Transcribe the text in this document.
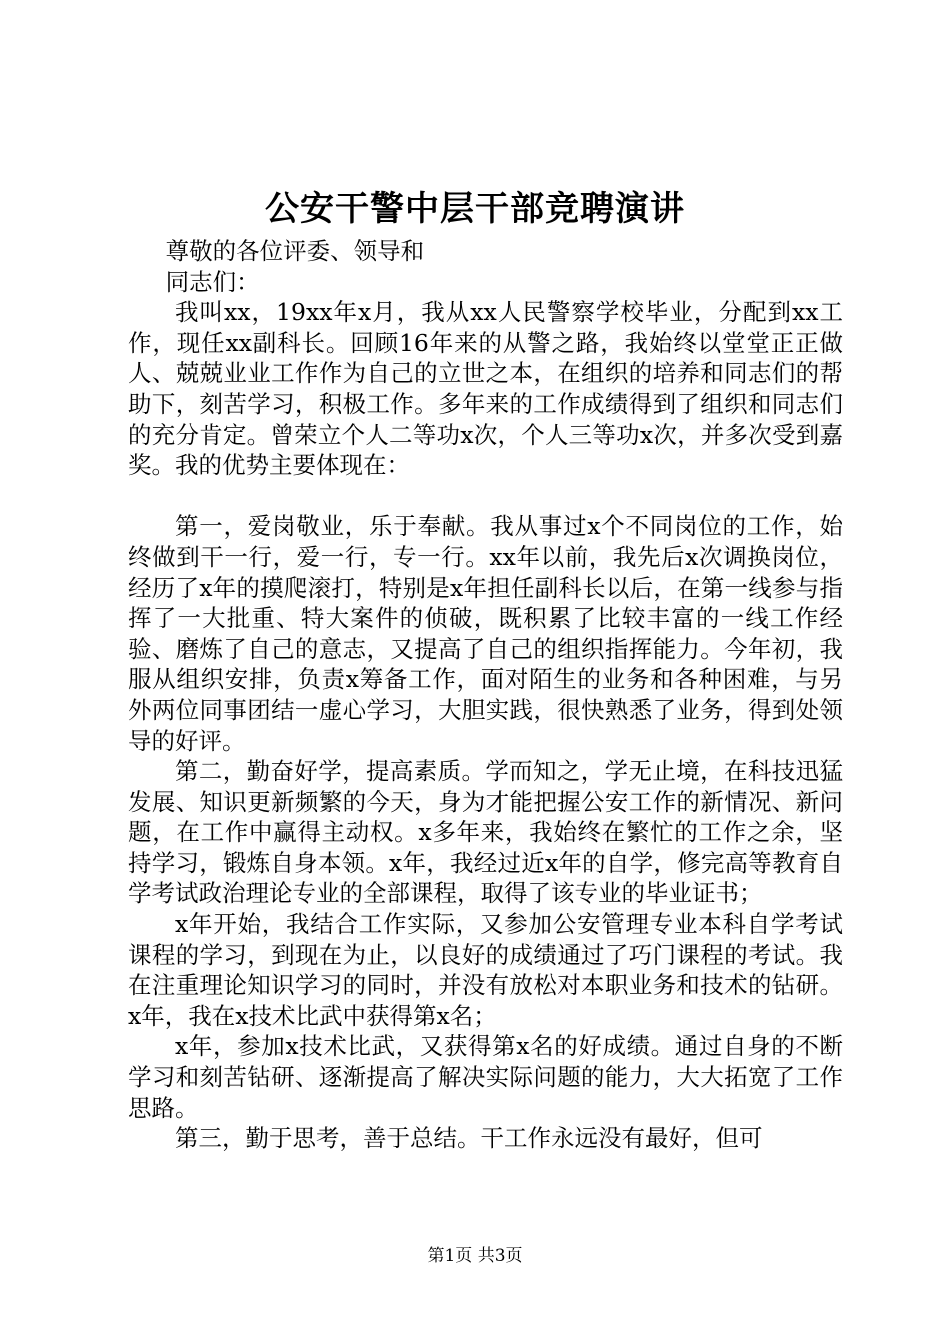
公安干警中层干部竞聘演讲

尊敬的各位评委、领导和

同志们：

我叫xx，19xx年x月，我从xx人民警察学校毕业，分配到xx工作，现任xx副科长。回顾16年来的从警之路，我始终以堂堂正正做人、兢兢业业工作作为自己的立世之本，在组织的培养和同志们的帮助下，刻苦学习，积极工作。多年来的工作成绩得到了组织和同志们的充分肯定。曾荣立个人二等功x次，个人三等功x次，并多次受到嘉奖。我的优势主要体现在：

第一，爱岗敬业，乐于奉献。我从事过x个不同岗位的工作，始终做到干一行，爱一行，专一行。xx年以前，我先后x次调换岗位，经历了x年的摸爬滚打，特别是x年担任副科长以后，在第一线参与指挥了一大批重、特大案件的侦破，既积累了比较丰富的一线工作经验、磨炼了自己的意志，又提高了自己的组织指挥能力。今年初，我服从组织安排，负责x筹备工作，面对陌生的业务和各种困难，与另外两位同事团结一虚心学习，大胆实践，很快熟悉了业务，得到处领导的好评。

第二，勤奋好学，提高素质。学而知之，学无止境，在科技迅猛发展、知识更新频繁的今天，身为才能把握公安工作的新情况、新问题，在工作中赢得主动权。x多年来，我始终在繁忙的工作之余，坚持学习，锻炼自身本领。x年，我经过近x年的自学，修完高等教育自学考试政治理论专业的全部课程，取得了该专业的毕业证书；

x年开始，我结合工作实际，又参加公安管理专业本科自学考试课程的学习，到现在为止，以良好的成绩通过了巧门课程的考试。我在注重理论知识学习的同时，并没有放松对本职业务和技术的钻研。x年，我在x技术比武中获得第x名；

x年，参加x技术比武，又获得第x名的好成绩。通过自身的不断学习和刻苦钻研、逐渐提高了解决实际问题的能力，大大拓宽了工作思路。

第三，勤于思考，善于总结。干工作永远没有最好，但可

第1页 共3页
